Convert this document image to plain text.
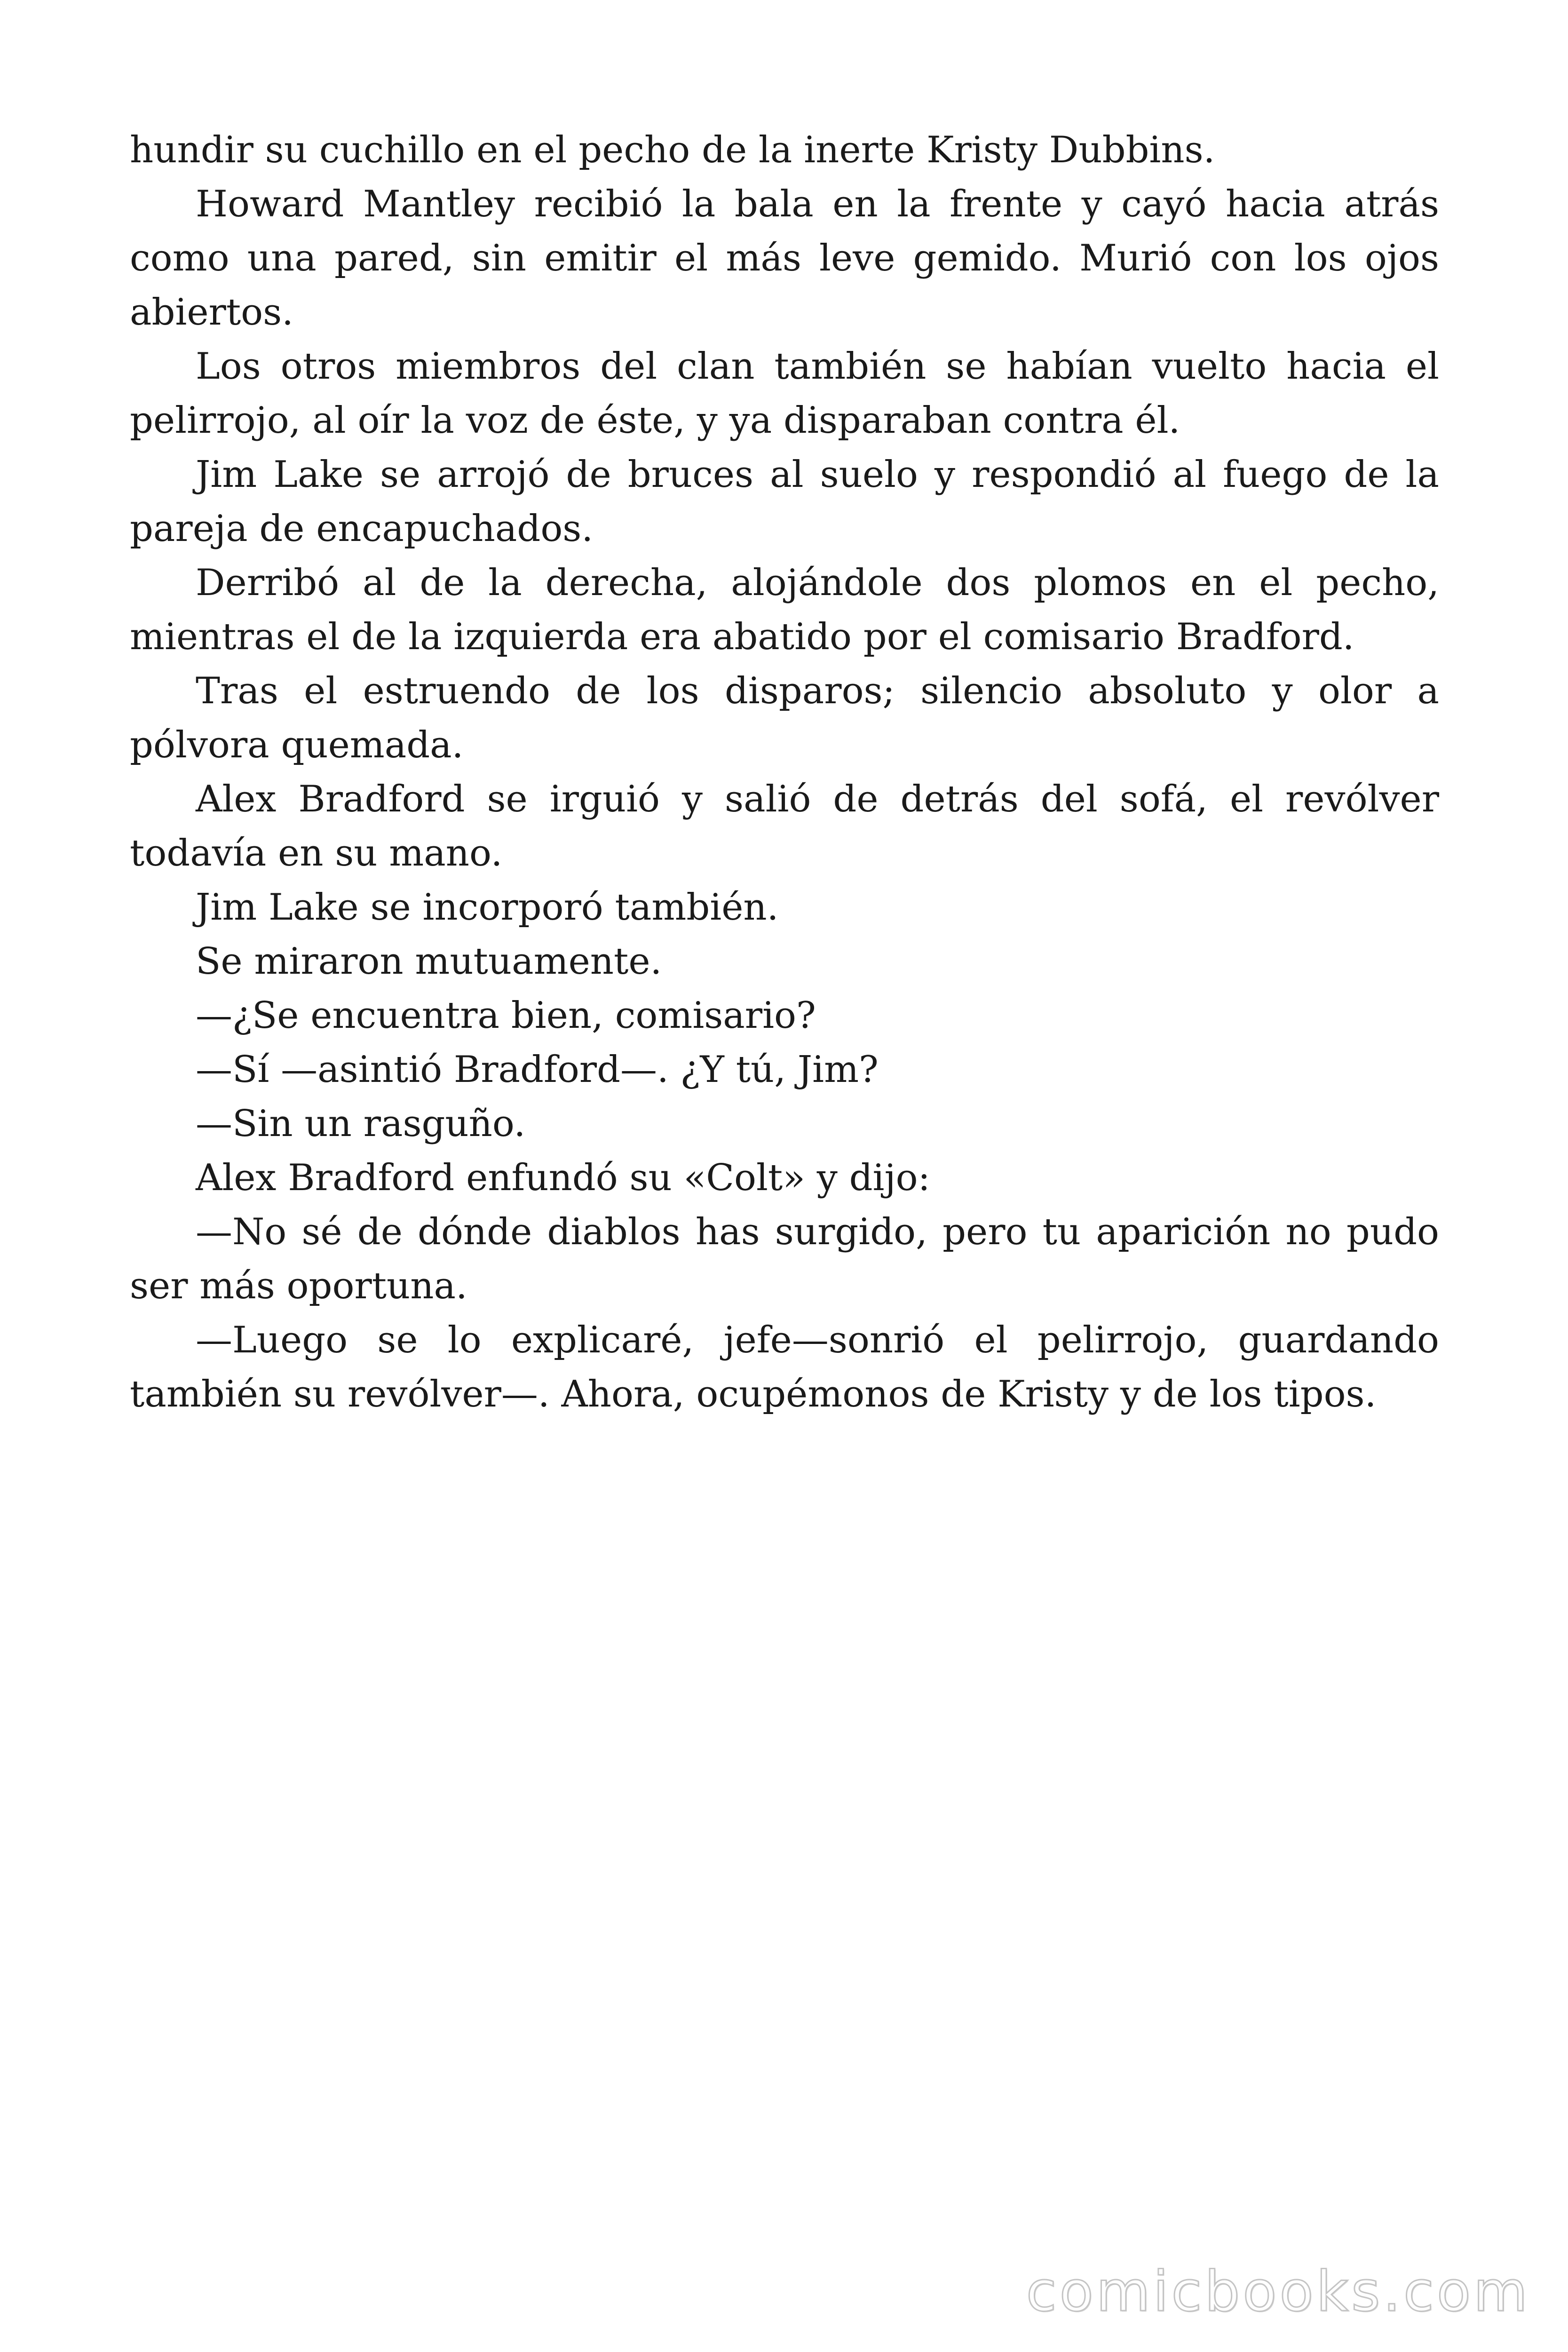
hundir su cuchillo en el pecho de la inerte Kristy Dubbins.

Howard Mantley recibió la bala en la frente y cayó hacia atrás como una pared, sin emitir el más leve gemido. Murió con los ojos abiertos.

Los otros miembros del clan también se habían vuelto hacia el pelirrojo, al oír la voz de éste, y ya disparaban contra él.

Jim Lake se arrojó de bruces al suelo y respondió al fuego de la pareja de encapuchados.

Derribó al de la derecha, alojándole dos plomos en el pecho, mientras el de la izquierda era abatido por el comisario Bradford.

Tras el estruendo de los disparos; silencio absoluto y olor a pólvora quemada.

Alex Bradford se irguió y salió de detrás del sofá, el revólver todavía en su mano.

Jim Lake se incorporó también.

Se miraron mutuamente.

—¿Se encuentra bien, comisario?

—Sí —asintió Bradford—. ¿Y tú, Jim?

—Sin un rasguño.

Alex Bradford enfundó su «Colt» y dijo:

—No sé de dónde diablos has surgido, pero tu aparición no pudo ser más oportuna.

—Luego se lo explicaré, jefe—sonrió el pelirrojo, guardando también su revólver—. Ahora, ocupémonos de Kristy y de los tipos.

comicbooks.com
